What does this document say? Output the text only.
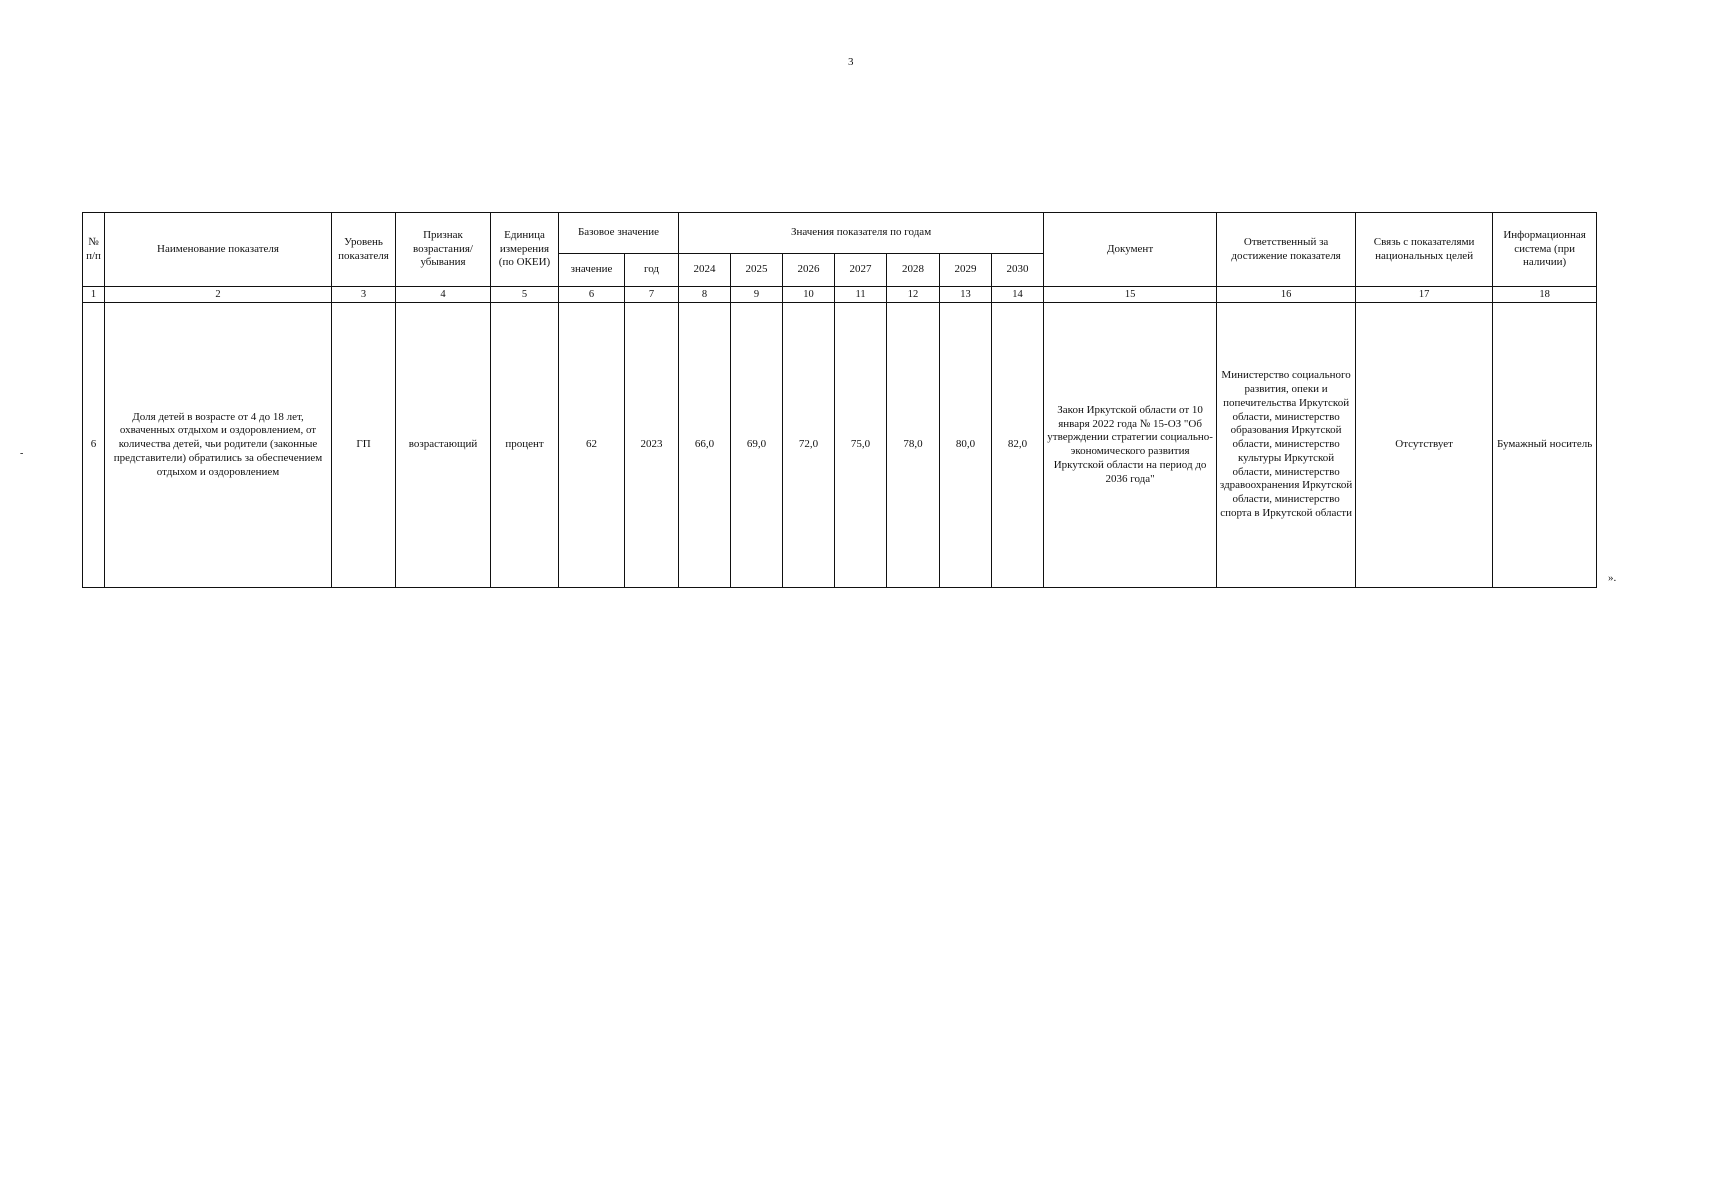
3
-
№ п/п	Наименование показателя	Уровень показателя	Признак возрастания/убывания	Единица измерения (по ОКЕИ)	Базовое значение		Значения показателя по годам							Документ	Ответственный за достижение показателя	Связь с показателями национальных целей	Информационная система (при наличии)
					значение	год	2024	2025	2026	2027	2028	2029	2030				
1	2	3	4	5	6	7	8	9	10	11	12	13	14	15	16	17	18
6	Доля детей в возрасте от 4 до 18 лет, охваченных отдыхом и оздоровлением, от количества детей, чьи родители (законные представители) обратились за обеспечением отдыхом и оздоровлением	ГП	возрастающий	процент	62	2023	66,0	69,0	72,0	75,0	78,0	80,0	82,0	Закон Иркутской области от 10 января 2022 года № 15-ОЗ "Об утверждении стратегии социально-экономического развития Иркутской области на период до 2036 года"	Министерство социального развития, опеки и попечительства Иркутской области, министерство образования Иркутской области, министерство культуры Иркутской области, министерство здравоохранения Иркутской области, министерство спорта в Иркутской области	Отсутствует	Бумажный носитель
».
